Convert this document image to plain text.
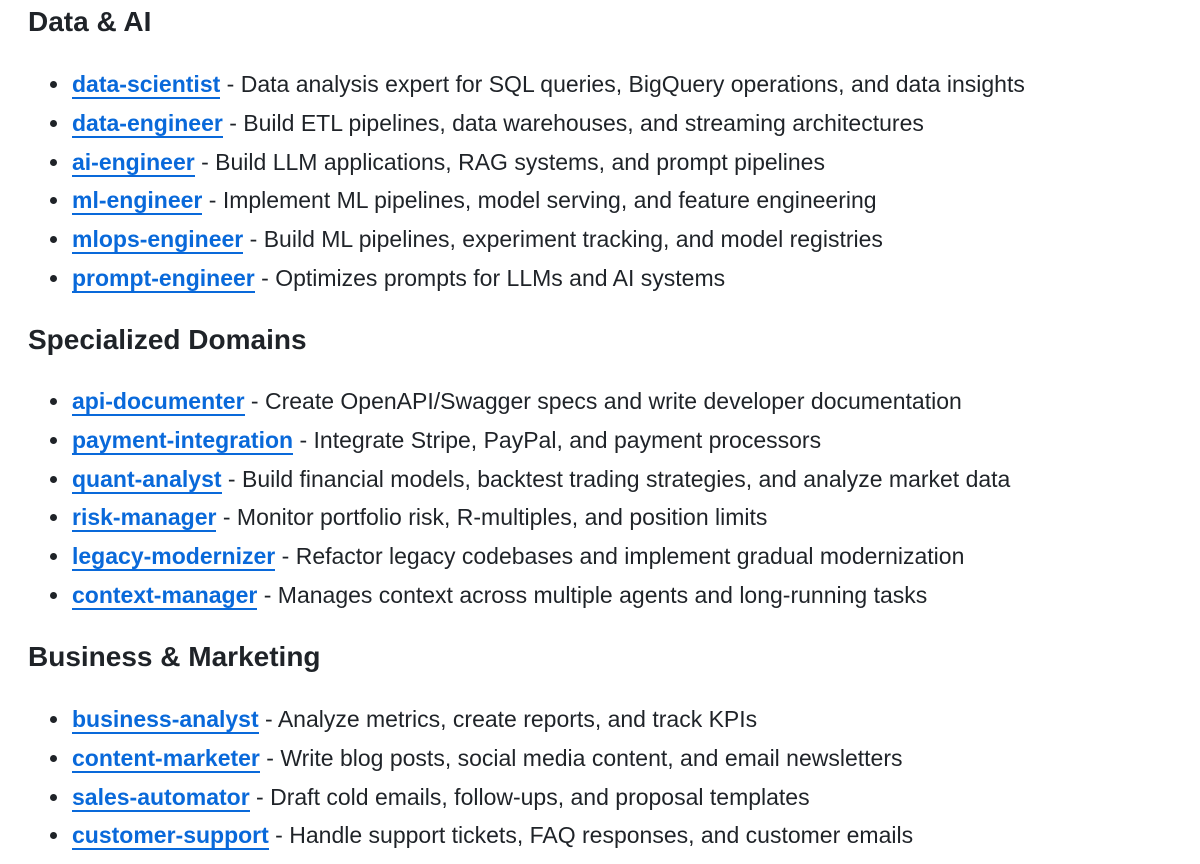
Data & AI
data-scientist - Data analysis expert for SQL queries, BigQuery operations, and data insights
data-engineer - Build ETL pipelines, data warehouses, and streaming architectures
ai-engineer - Build LLM applications, RAG systems, and prompt pipelines
ml-engineer - Implement ML pipelines, model serving, and feature engineering
mlops-engineer - Build ML pipelines, experiment tracking, and model registries
prompt-engineer - Optimizes prompts for LLMs and AI systems
Specialized Domains
api-documenter - Create OpenAPI/Swagger specs and write developer documentation
payment-integration - Integrate Stripe, PayPal, and payment processors
quant-analyst - Build financial models, backtest trading strategies, and analyze market data
risk-manager - Monitor portfolio risk, R-multiples, and position limits
legacy-modernizer - Refactor legacy codebases and implement gradual modernization
context-manager - Manages context across multiple agents and long-running tasks
Business & Marketing
business-analyst - Analyze metrics, create reports, and track KPIs
content-marketer - Write blog posts, social media content, and email newsletters
sales-automator - Draft cold emails, follow-ups, and proposal templates
customer-support - Handle support tickets, FAQ responses, and customer emails
